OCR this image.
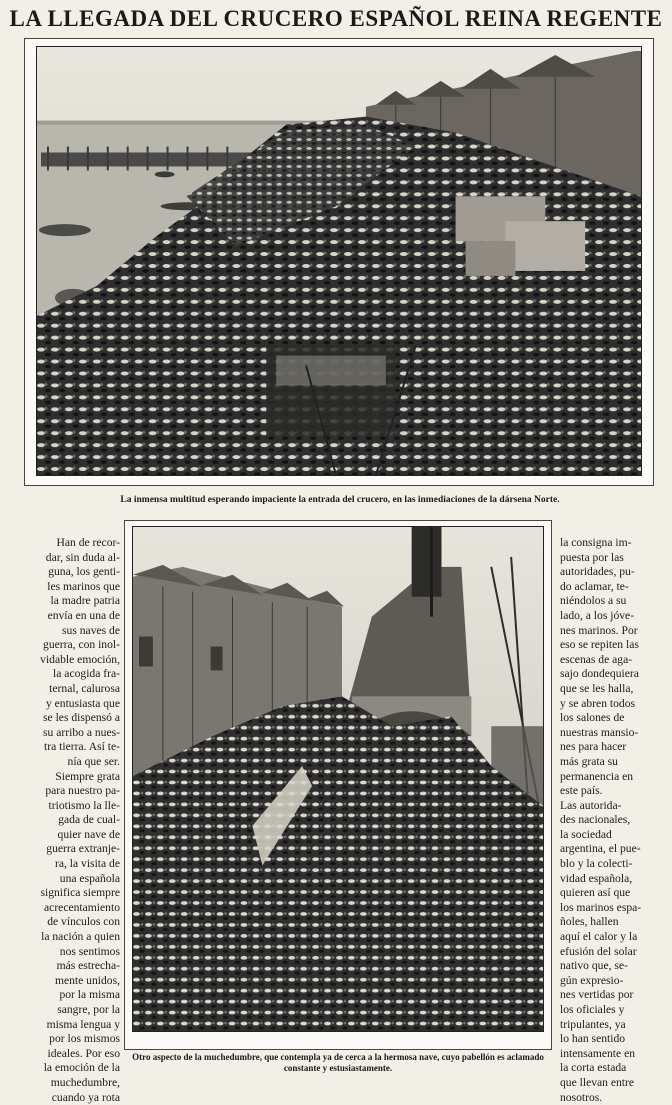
LA LLEGADA DEL CRUCERO ESPAÑOL REINA REGENTE
La inmensa multitud esperando impaciente la entrada del crucero, en las inmediaciones de la dársena Norte.

Han de recor-
dar, sin duda al-
guna, los genti-
les marinos que
la madre patria
envía en una de
sus naves de
guerra, con inol-
vidable emoción,
la acogida fra-
ternal, calurosa
y entusiasta que
se les dispensó a
su arribo a nues-
tra tierra. Así te-
nía que ser.
Siempre grata
para nuestro pa-
triotismo la lle-
gada de cual-
quier nave de
guerra extranje-
ra, la visita de
una española
significa siempre
acrecentamiento
de vínculos con
la nación a quien
nos sentimos
más estrecha-
mente unidos,
por la misma
sangre, por la
misma lengua y
por los mismos
ideales. Por eso
la emoción de la
muchedumbre,
cuando ya rota

Otro aspecto de la muchedumbre, que contempla ya de cerca a la hermosa nave, cuyo pabellón es aclamado constante y estusiastamente.

la consigna im-
puesta por las
autoridades, pu-
do aclamar, te-
niéndolos a su
lado, a los jóve-
nes marinos. Por
eso se repiten las
escenas de aga-
sajo dondequiera
que se les halla,
y se abren todos
los salones de
nuestras mansio-
nes para hacer
más grata su
permanencia en
este país.
Las autorida-
des nacionales,
la sociedad
argentina, el pue-
blo y la colecti-
vidad española,
quieren así que
los marinos espa-
ñoles, hallen
aquí el calor y la
efusión del solar
nativo que, se-
gún expresio-
nes vertidas por
los oficiales y
tripulantes, ya
lo han sentido
intensamente en
la corta estada
que llevan entre
nosotros.
